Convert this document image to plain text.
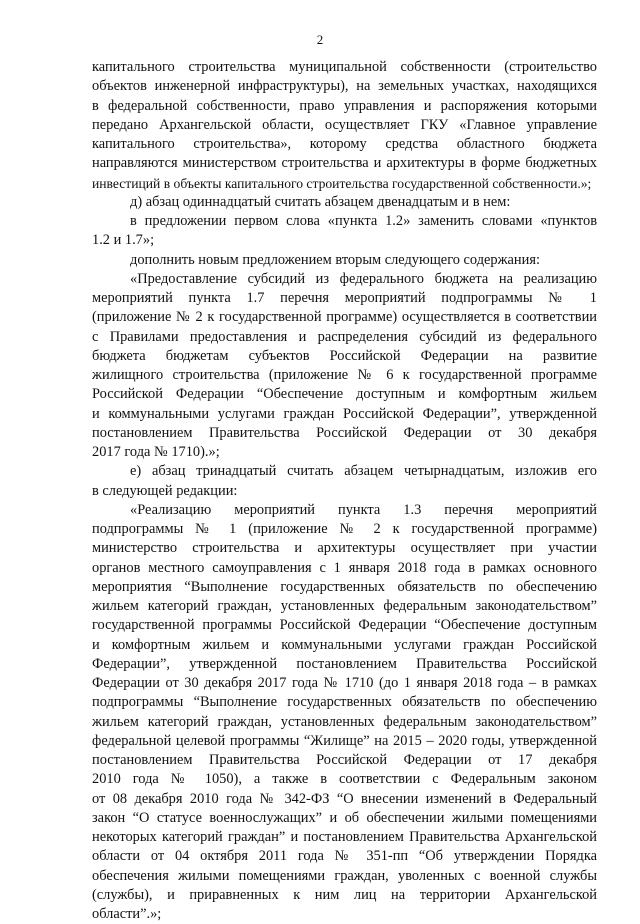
2
капитального строительства муниципальной собственности (строительство
объектов инженерной инфраструктуры), на земельных участках, находящихся
в федеральной собственности, право управления и распоряжения которыми
передано Архангельской области, осуществляет ГКУ «Главное управление
капитального строительства», которому средства областного бюджета
направляются министерством строительства и архитектуры в форме бюджетных
инвестиций в объекты капитального строительства государственной собственности.»;
д) абзац одиннадцатый считать абзацем двенадцатым и в нем:
в предложении первом слова «пункта 1.2» заменить словами «пунктов
1.2 и 1.7»;
дополнить новым предложением вторым следующего содержания:
«Предоставление субсидий из федерального бюджета на реализацию
мероприятий пункта 1.7 перечня мероприятий подпрограммы № 1
(приложение № 2 к государственной программе) осуществляется в соответствии
с Правилами предоставления и распределения субсидий из федерального
бюджета бюджетам субъектов Российской Федерации на развитие
жилищного строительства (приложение № 6 к государственной программе
Российской Федерации “Обеспечение доступным и комфортным жильем
и коммунальными услугами граждан Российской Федерации”, утвержденной
постановлением Правительства Российской Федерации от 30 декабря
2017 года № 1710).»;
е) абзац тринадцатый считать абзацем четырнадцатым, изложив его
в следующей редакции:
«Реализацию мероприятий пункта 1.3 перечня мероприятий
подпрограммы № 1 (приложение № 2 к государственной программе)
министерство строительства и архитектуры осуществляет при участии
органов местного самоуправления с 1 января 2018 года в рамках основного
мероприятия “Выполнение государственных обязательств по обеспечению
жильем категорий граждан, установленных федеральным законодательством”
государственной программы Российской Федерации “Обеспечение доступным
и комфортным жильем и коммунальными услугами граждан Российской
Федерации”, утвержденной постановлением Правительства Российской
Федерации от 30 декабря 2017 года № 1710 (до 1 января 2018 года – в рамках
подпрограммы “Выполнение государственных обязательств по обеспечению
жильем категорий граждан, установленных федеральным законодательством”
федеральной целевой программы “Жилище” на 2015 – 2020 годы, утвержденной
постановлением Правительства Российской Федерации от 17 декабря
2010 года № 1050), а также в соответствии с Федеральным законом
от 08 декабря 2010 года № 342-ФЗ “О внесении изменений в Федеральный
закон “О статусе военнослужащих” и об обеспечении жилыми помещениями
некоторых категорий граждан” и постановлением Правительства Архангельской
области от 04 октября 2011 года № 351-пп “Об утверждении Порядка
обеспечения жилыми помещениями граждан, уволенных с военной службы
(службы), и приравненных к ним лиц на территории Архангельской
области”.»;
